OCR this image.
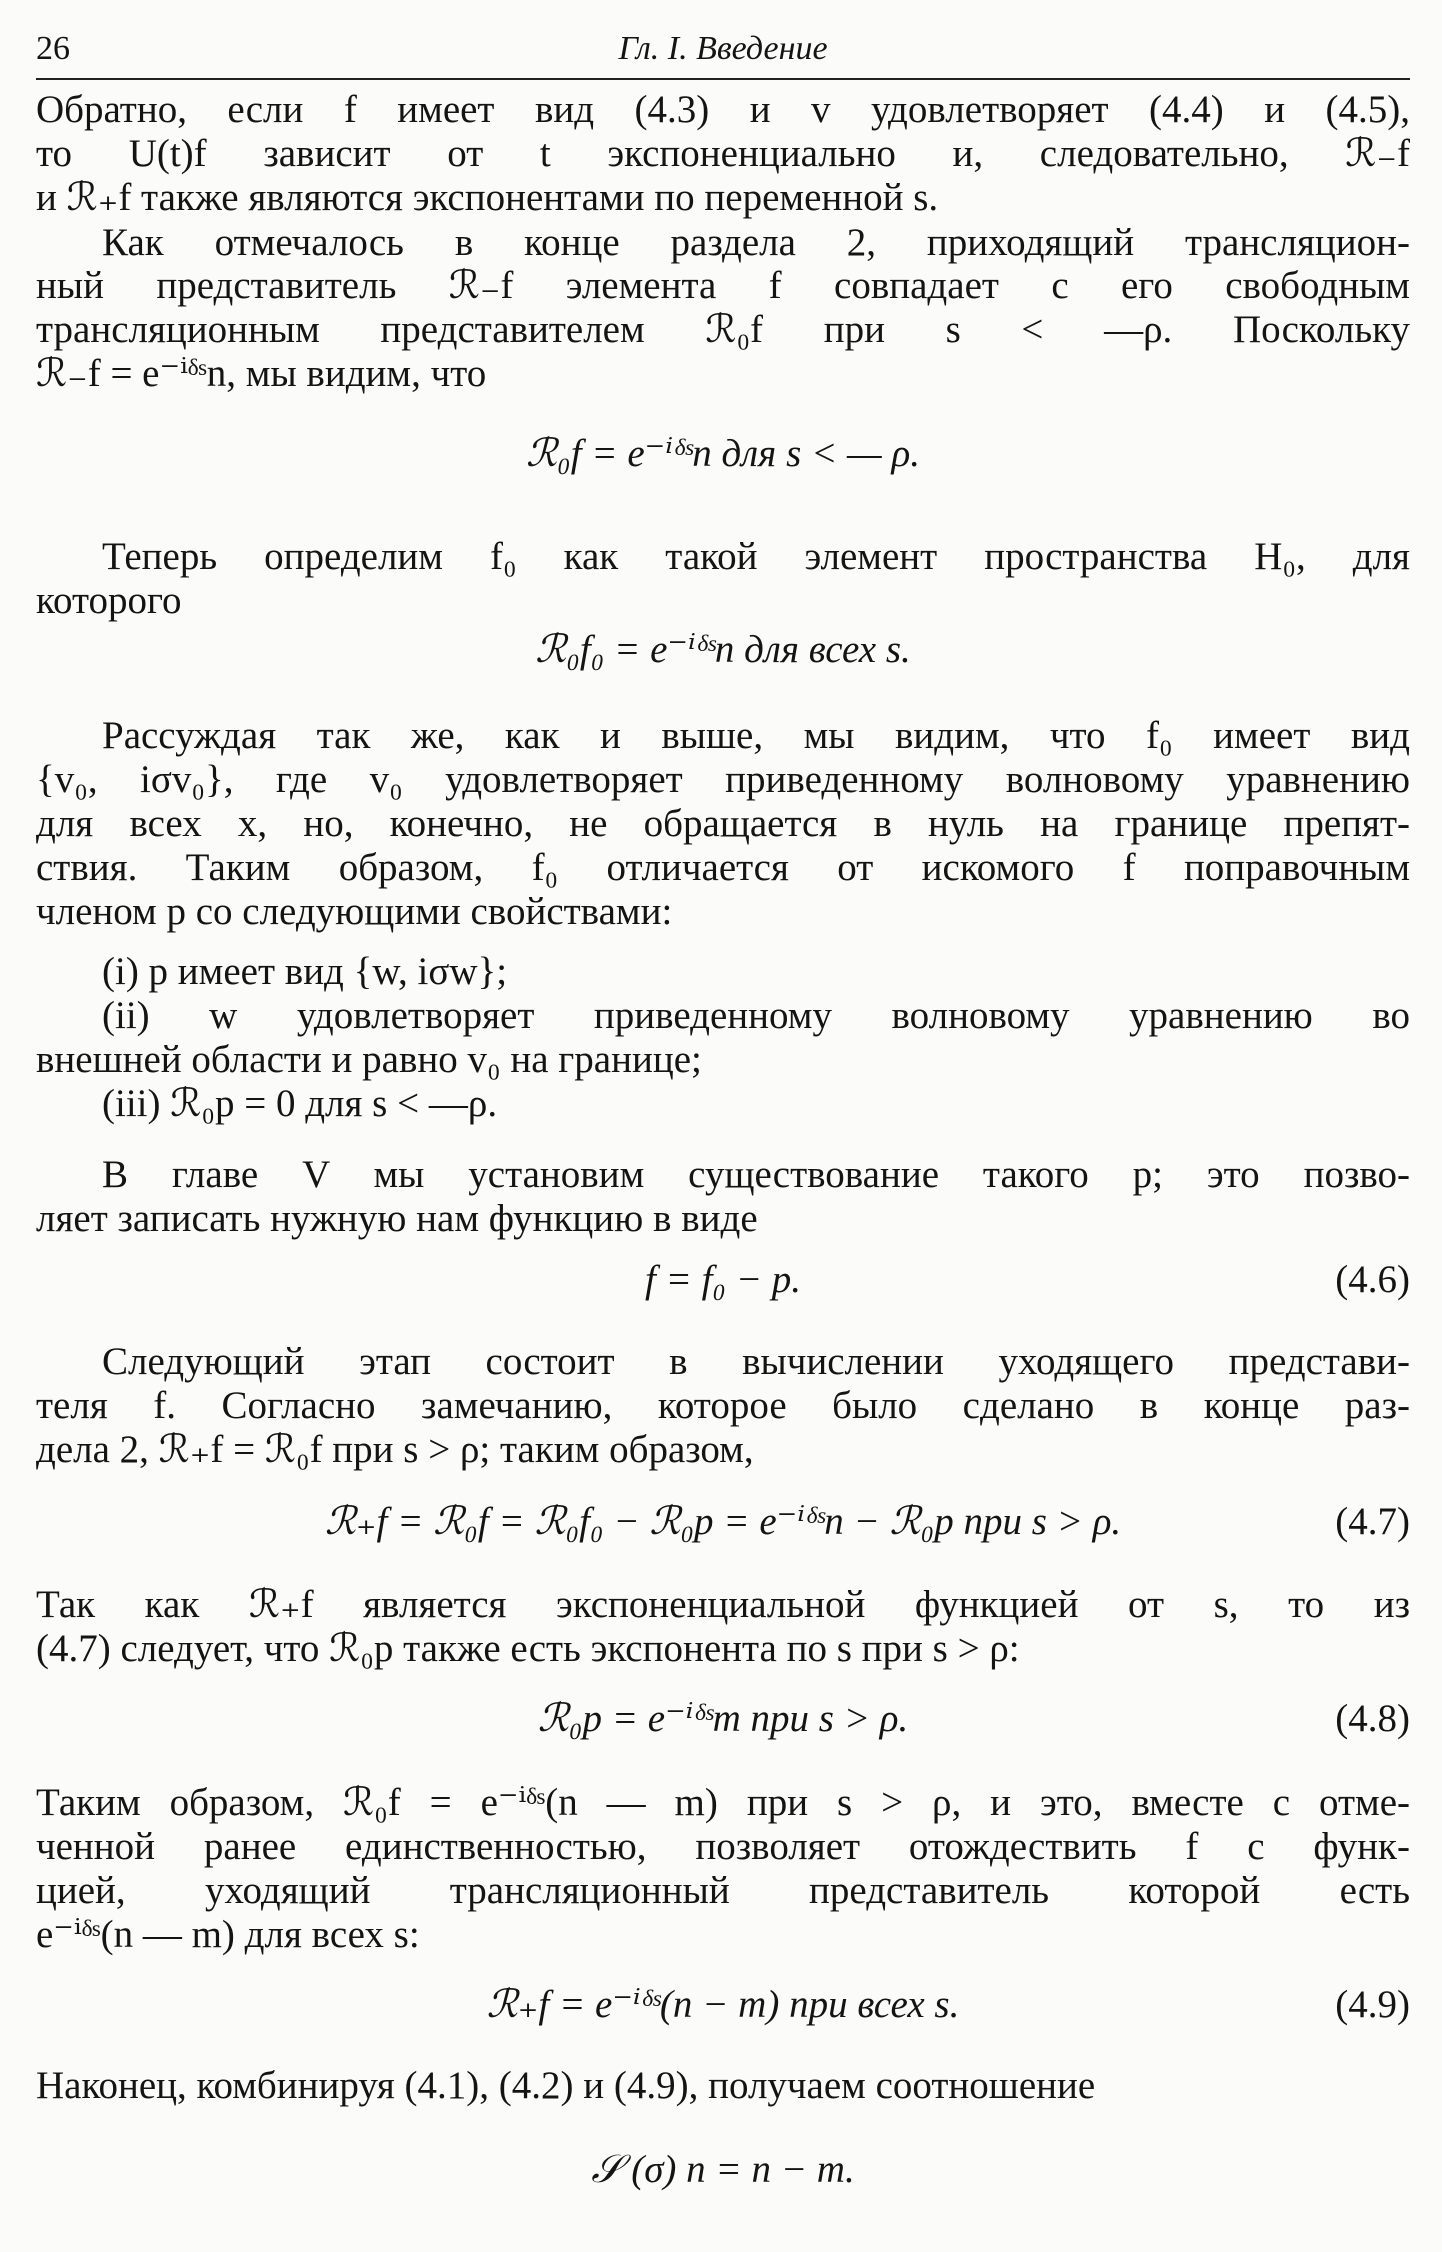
26	Гл. I. Введение
Обратно, если f имеет вид (4.3) и v удовлетворяет (4.4) и (4.5),
то U(t)f зависит от t экспоненциально и, следовательно, ℛ₋f
и ℛ₊f также являются экспонентами по переменной s.
Как отмечалось в конце раздела 2, приходящий трансляцион-
ный представитель ℛ₋f элемента f совпадает с его свободным
трансляционным представителем ℛ₀f при s < —ρ. Поскольку
ℛ₋f = e⁻ⁱᵟˢn, мы видим, что
ℛ₀f = e⁻ⁱᵟˢn для s < — ρ.
Теперь определим f₀ как такой элемент пространства H₀, для
которого
ℛ₀f₀ = e⁻ⁱᵟˢn для всех s.
Рассуждая так же, как и выше, мы видим, что f₀ имеет вид
{v₀, iσv₀}, где v₀ удовлетворяет приведенному волновому уравнению
для всех x, но, конечно, не обращается в нуль на границе препят-
ствия. Таким образом, f₀ отличается от искомого f поправочным
членом p со следующими свойствами:
(i) p имеет вид {w, iσw};
(ii) w удовлетворяет приведенному волновому уравнению во
внешней области и равно v₀ на границе;
(iii) ℛ₀p = 0 для s < —ρ.
В главе V мы установим существование такого p; это позво-
ляет записать нужную нам функцию в виде
f = f₀ − p.	(4.6)
Следующий этап состоит в вычислении уходящего представи-
теля f. Согласно замечанию, которое было сделано в конце раз-
дела 2, ℛ₊f = ℛ₀f при s > ρ; таким образом,
ℛ₊f = ℛ₀f = ℛ₀f₀ − ℛ₀p = e⁻ⁱᵟˢn − ℛ₀p при s > ρ.	(4.7)
Так как ℛ₊f является экспоненциальной функцией от s, то из
(4.7) следует, что ℛ₀p также есть экспонента по s при s > ρ:
ℛ₀p = e⁻ⁱᵟˢm при s > ρ.	(4.8)
Таким образом, ℛ₀f = e⁻ⁱᵟˢ(n — m) при s > ρ, и это, вместе с отме-
ченной ранее единственностью, позволяет отождествить f с функ-
цией, уходящий трансляционный представитель которой есть
e⁻ⁱᵟˢ(n — m) для всех s:
ℛ₊f = e⁻ⁱᵟˢ(n − m) при всех s.	(4.9)
Наконец, комбинируя (4.1), (4.2) и (4.9), получаем соотношение
𝒮 (σ) n = n − m.
